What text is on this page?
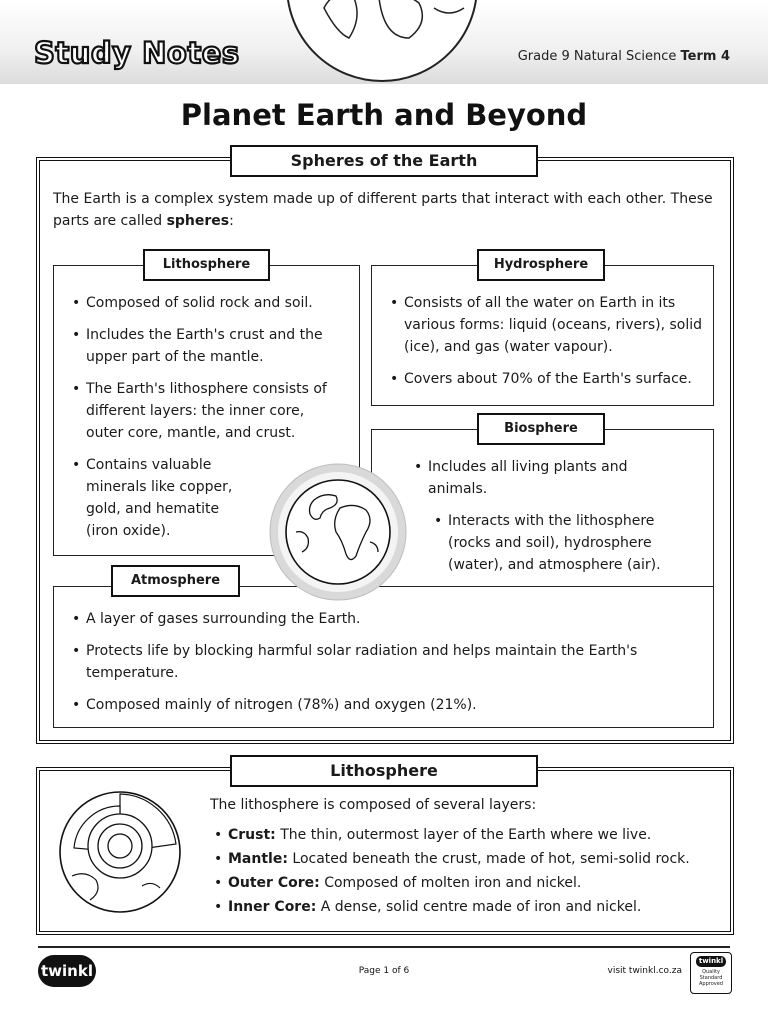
Study Notes	Grade 9 Natural Science Term 4
Planet Earth and Beyond
Spheres of the Earth

The Earth is a complex system made up of different parts that interact with each other. These parts are called spheres:

Lithosphere
• Composed of solid rock and soil.
• Includes the Earth's crust and the upper part of the mantle.
• The Earth's lithosphere consists of different layers: the inner core, outer core, mantle, and crust.
• Contains valuable minerals like copper, gold, and hematite (iron oxide).
Hydrosphere
• Consists of all the water on Earth in its various forms: liquid (oceans, rivers), solid (ice), and gas (water vapour).
• Covers about 70% of the Earth's surface.
Biosphere
• Includes all living plants and animals.
• Interacts with the lithosphere (rocks and soil), hydrosphere (water), and atmosphere (air).
Atmosphere
• A layer of gases surrounding the Earth.
• Protects life by blocking harmful solar radiation and helps maintain the Earth's temperature.
• Composed mainly of nitrogen (78%) and oxygen (21%).
Lithosphere

The lithosphere is composed of several layers:

• Crust: The thin, outermost layer of the Earth where we live.
• Mantle: Located beneath the crust, made of hot, semi-solid rock.
• Outer Core: Composed of molten iron and nickel.
• Inner Core: A dense, solid centre made of iron and nickel.
twinkl	Page 1 of 6	visit twinkl.co.za
twinkl
Quality Standard Approved
